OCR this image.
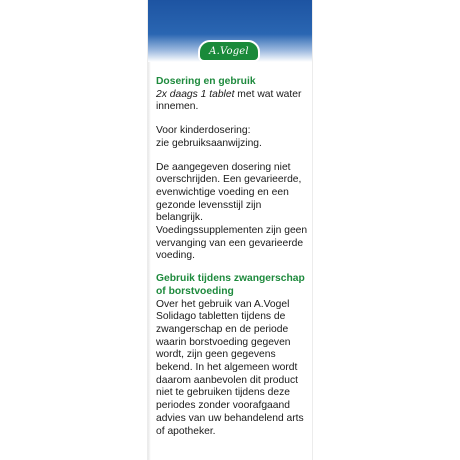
A.Vogel

Dosering en gebruik

2x daags 1 tablet met wat water innemen.

Voor kinderdosering:

zie gebruiksaanwijzing.

De aangegeven dosering niet overschrijden. Een gevarieerde, evenwichtige voeding en een gezonde levensstijl zijn belangrijk. Voedingssupplementen zijn geen vervanging van een gevarieerde voeding.

Gebruik tijdens zwangerschap

of borstvoeding

Over het gebruik van A.Vogel Solidago tabletten tijdens de zwangerschap en de periode waarin borstvoeding gegeven wordt, zijn geen gegevens bekend. In het algemeen wordt daarom aanbevolen dit product niet te gebruiken tijdens deze periodes zonder voorafgaand advies van uw behandelend arts of apotheker.
